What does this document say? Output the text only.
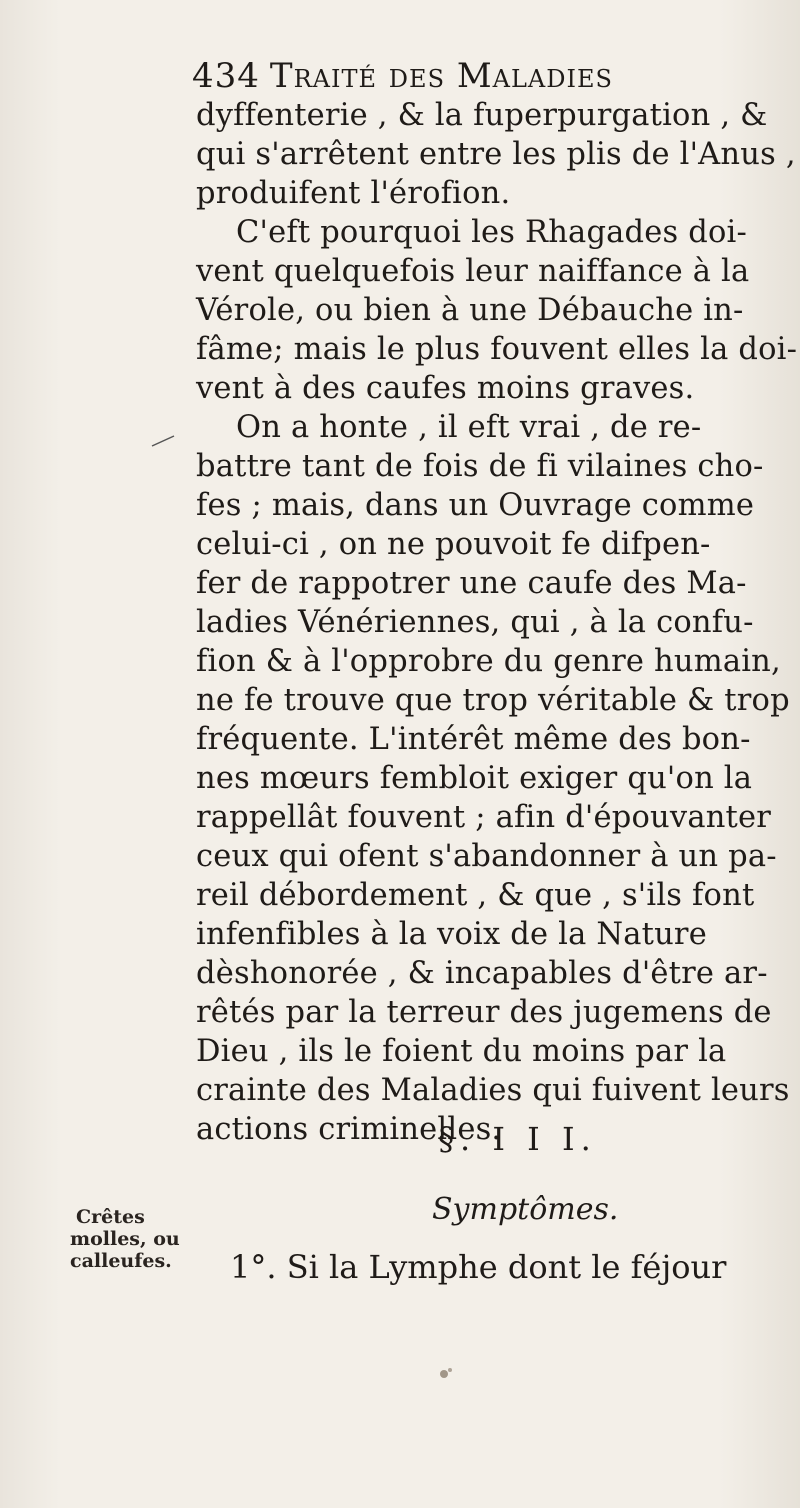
434 Traité des Maladies
dyffenterie , & la fuperpurgation , &
qui s'arrêtent entre les plis de l'Anus ,
produifent l'érofion.
C'eft pourquoi les Rhagades doi-
vent quelquefois leur naiffance à la
Vérole, ou bien à une Débauche in-
fâme; mais le plus fouvent elles la doi-
vent à des caufes moins graves.
On a honte , il eft vrai , de re-
battre tant de fois de fi vilaines cho-
fes ; mais, dans un Ouvrage comme
celui-ci , on ne pouvoit fe difpen-
fer de rappotrer une caufe des Ma-
ladies Vénériennes, qui , à la confu-
fion & à l'opprobre du genre humain,
ne fe trouve que trop véritable & trop
fréquente. L'intérêt même des bon-
nes mœurs fembloit exiger qu'on la
rappellât fouvent ; afin d'épouvanter
ceux qui ofent s'abandonner à un pa-
reil débordement , & que , s'ils font
infenfibles à la voix de la Nature
dèshonorée , & incapables d'être ar-
rêtés par la terreur des jugemens de
Dieu , ils le foient du moins par la
crainte des Maladies qui fuivent leurs
actions criminelles.
§. I I I.
Symptômes.
1°. Si la Lymphe dont le féjour
Crêtes
molles, ou
calleufes.
